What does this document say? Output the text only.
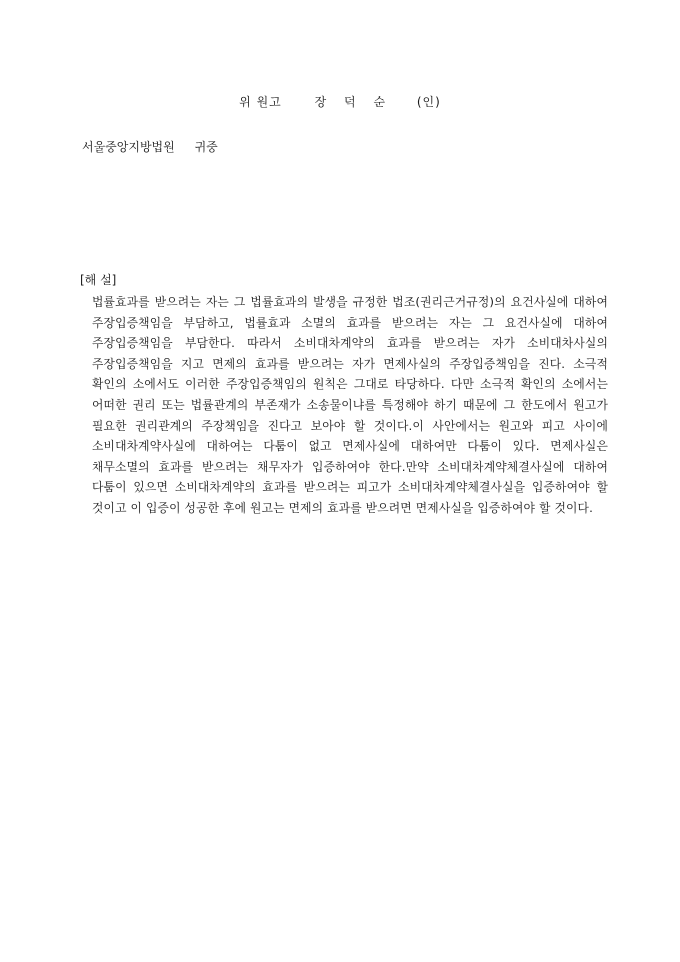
위 원고	장 덕 순	(인)
서울중앙지방법원 귀중
[해 설]

법률효과를 받으려는 자는 그 법률효과의 발생을 규정한 법조(권리근거규정)의 요건사실에 대하여 주장입증책임을 부담하고, 법률효과 소멸의 효과를 받으려는 자는 그 요건사실에 대하여 주장입증책임을 부담한다. 따라서 소비대차계약의 효과를 받으려는 자가 소비대차사실의 주장입증책임을 지고 면제의 효과를 받으려는 자가 면제사실의 주장입증책임을 진다. 소극적 확인의 소에서도 이러한 주장입증책임의 원칙은 그대로 타당하다. 다만 소극적 확인의 소에서는 어떠한 권리 또는 법률관계의 부존재가 소송물이냐를 특정해야 하기 때문에 그 한도에서 원고가 필요한 권리관계의 주장책임을 진다고 보아야 할 것이다.이 사안에서는 원고와 피고 사이에 소비대차계약사실에 대하여는 다툼이 없고 면제사실에 대하여만 다툼이 있다. 면제사실은 채무소멸의 효과를 받으려는 채무자가 입증하여야 한다.만약 소비대차계약체결사실에 대하여 다툼이 있으면 소비대차계약의 효과를 받으려는 피고가 소비대차계약체결사실을 입증하여야 할 것이고 이 입증이 성공한 후에 원고는 면제의 효과를 받으려면 면제사실을 입증하여야 할 것이다.
